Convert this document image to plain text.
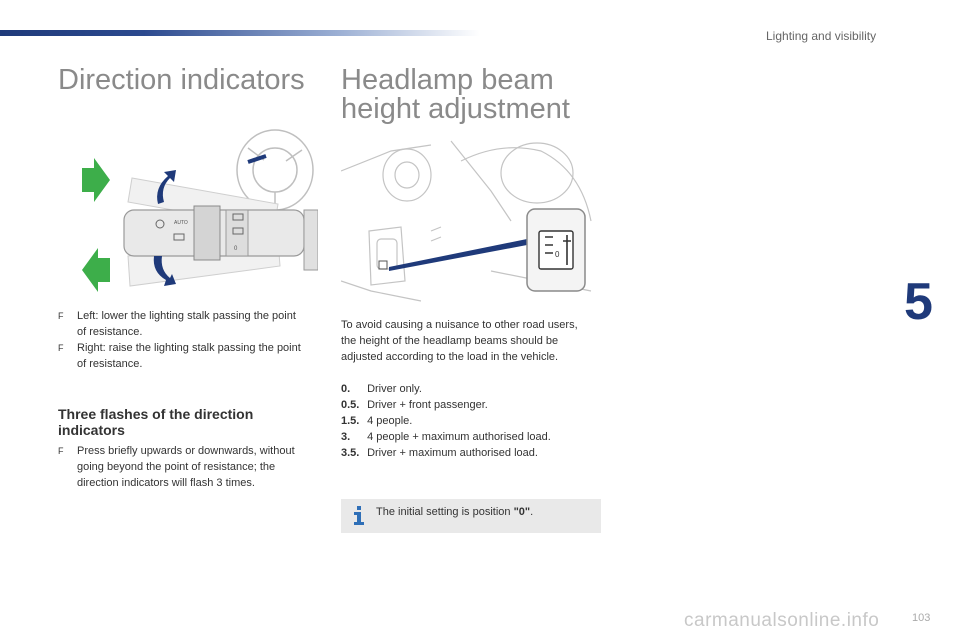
Lighting and visibility
Direction indicators
AUTO
0
F	Left: lower the lighting stalk passing the point of resistance.
F	Right: raise the lighting stalk passing the point of resistance.
Three flashes of the direction indicators
F	Press briefly upwards or downwards, without going beyond the point of resistance; the direction indicators will flash 3 times.
Headlamp beam
height adjustment
0
To avoid causing a nuisance to other road users, the height of the headlamp beams should be adjusted according to the load in the vehicle.
0. Driver only.
0.5. Driver + front passenger.
1.5. 4 people.
3. 4 people + maximum authorised load.
3.5. Driver + maximum authorised load.
The initial setting is position "0".
5
carmanualsonline.info	103
